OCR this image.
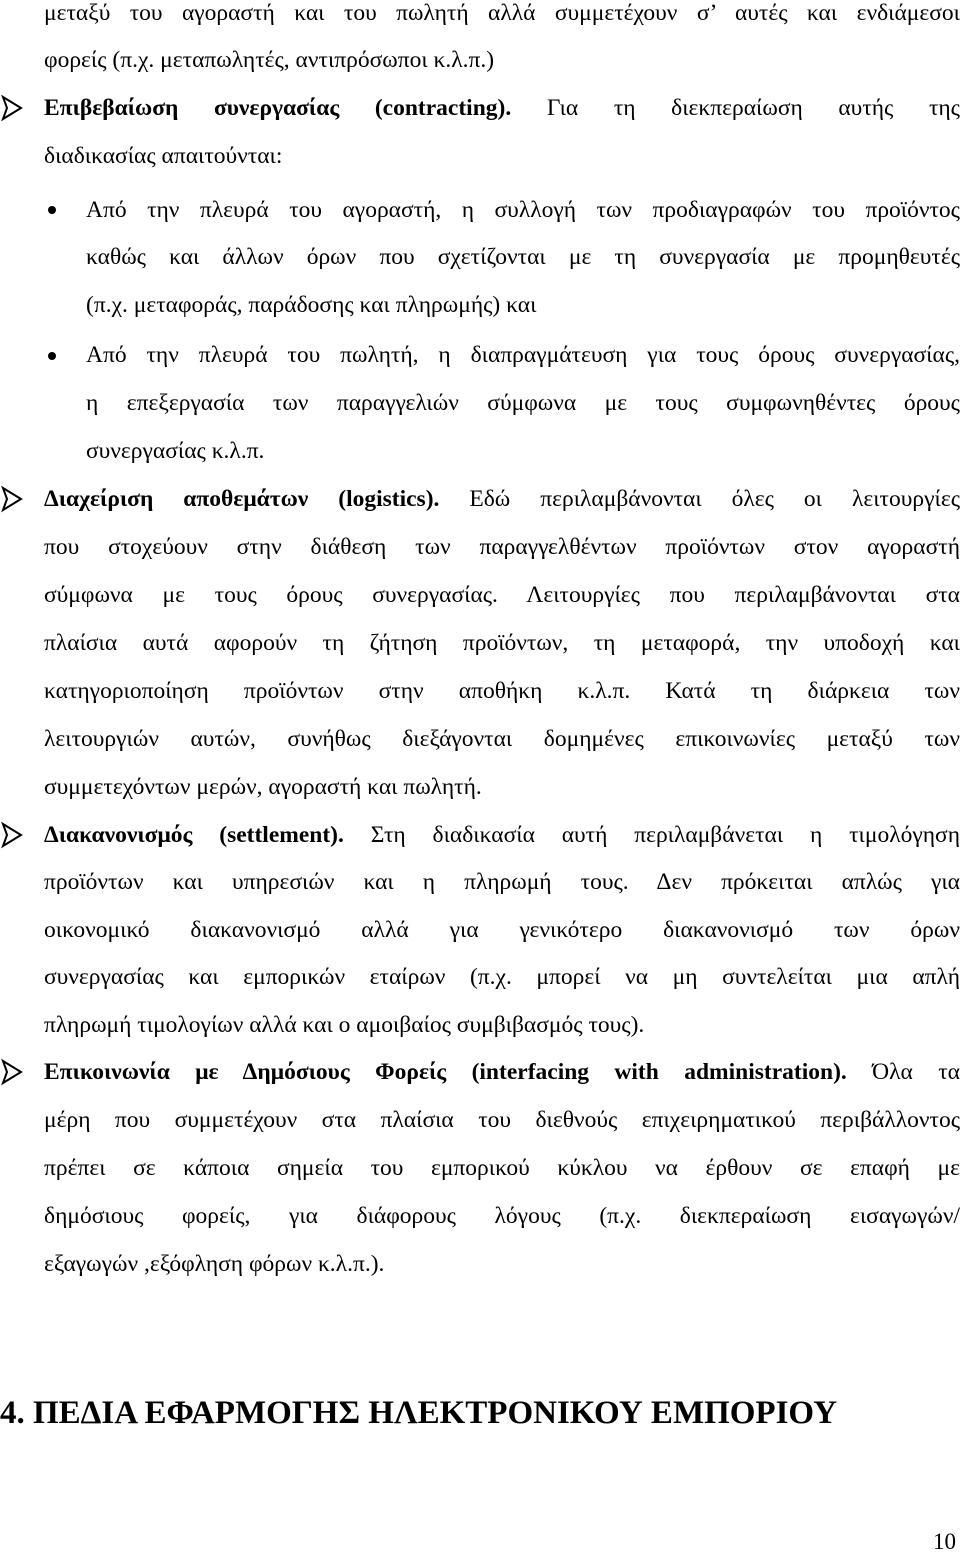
μεταξύ του αγοραστή και του πωλητή αλλά συμμετέχουν σ’ αυτές και ενδιάμεσοι
φορείς (π.χ. μεταπωλητές, αντιπρόσωποι κ.λ.π.)
Επιβεβαίωση συνεργασίας (contracting). Για τη διεκπεραίωση αυτής της
διαδικασίας απαιτούνται:
Από την πλευρά του αγοραστή, η συλλογή των προδιαγραφών του προϊόντος
καθώς και άλλων όρων που σχετίζονται με τη συνεργασία με προμηθευτές
(π.χ. μεταφοράς, παράδοσης και πληρωμής) και
Από την πλευρά του πωλητή, η διαπραγμάτευση για τους όρους συνεργασίας,
η επεξεργασία των παραγγελιών σύμφωνα με τους συμφωνηθέντες όρους
συνεργασίας κ.λ.π.
Διαχείριση αποθεμάτων (logistics). Εδώ περιλαμβάνονται όλες οι λειτουργίες
που στοχεύουν στην διάθεση των παραγγελθέντων προϊόντων στον αγοραστή
σύμφωνα με τους όρους συνεργασίας. Λειτουργίες που περιλαμβάνονται στα
πλαίσια αυτά αφορούν τη ζήτηση προϊόντων, τη μεταφορά, την υποδοχή και
κατηγοριοποίηση προϊόντων στην αποθήκη κ.λ.π. Κατά τη διάρκεια των
λειτουργιών αυτών, συνήθως διεξάγονται δομημένες επικοινωνίες μεταξύ των
συμμετεχόντων μερών, αγοραστή και πωλητή.
Διακανονισμός (settlement). Στη διαδικασία αυτή περιλαμβάνεται η τιμολόγηση
προϊόντων και υπηρεσιών και η πληρωμή τους. Δεν πρόκειται απλώς για
οικονομικό διακανονισμό αλλά για γενικότερο διακανονισμό των όρων
συνεργασίας και εμπορικών εταίρων (π.χ. μπορεί να μη συντελείται μια απλή
πληρωμή τιμολογίων αλλά και ο αμοιβαίος συμβιβασμός τους).
Επικοινωνία με Δημόσιους Φορείς (interfacing with administration). Όλα τα
μέρη που συμμετέχουν στα πλαίσια του διεθνούς επιχειρηματικού περιβάλλοντος
πρέπει σε κάποια σημεία του εμπορικού κύκλου να έρθουν σε επαφή με
δημόσιους φορείς, για διάφορους λόγους (π.χ. διεκπεραίωση εισαγωγών/
εξαγωγών ,εξόφληση φόρων κ.λ.π.).
4. ΠΕΔΙΑ ΕΦΑΡΜΟΓΗΣ ΗΛΕΚΤΡΟΝΙΚΟΥ ΕΜΠΟΡΙΟΥ
10
